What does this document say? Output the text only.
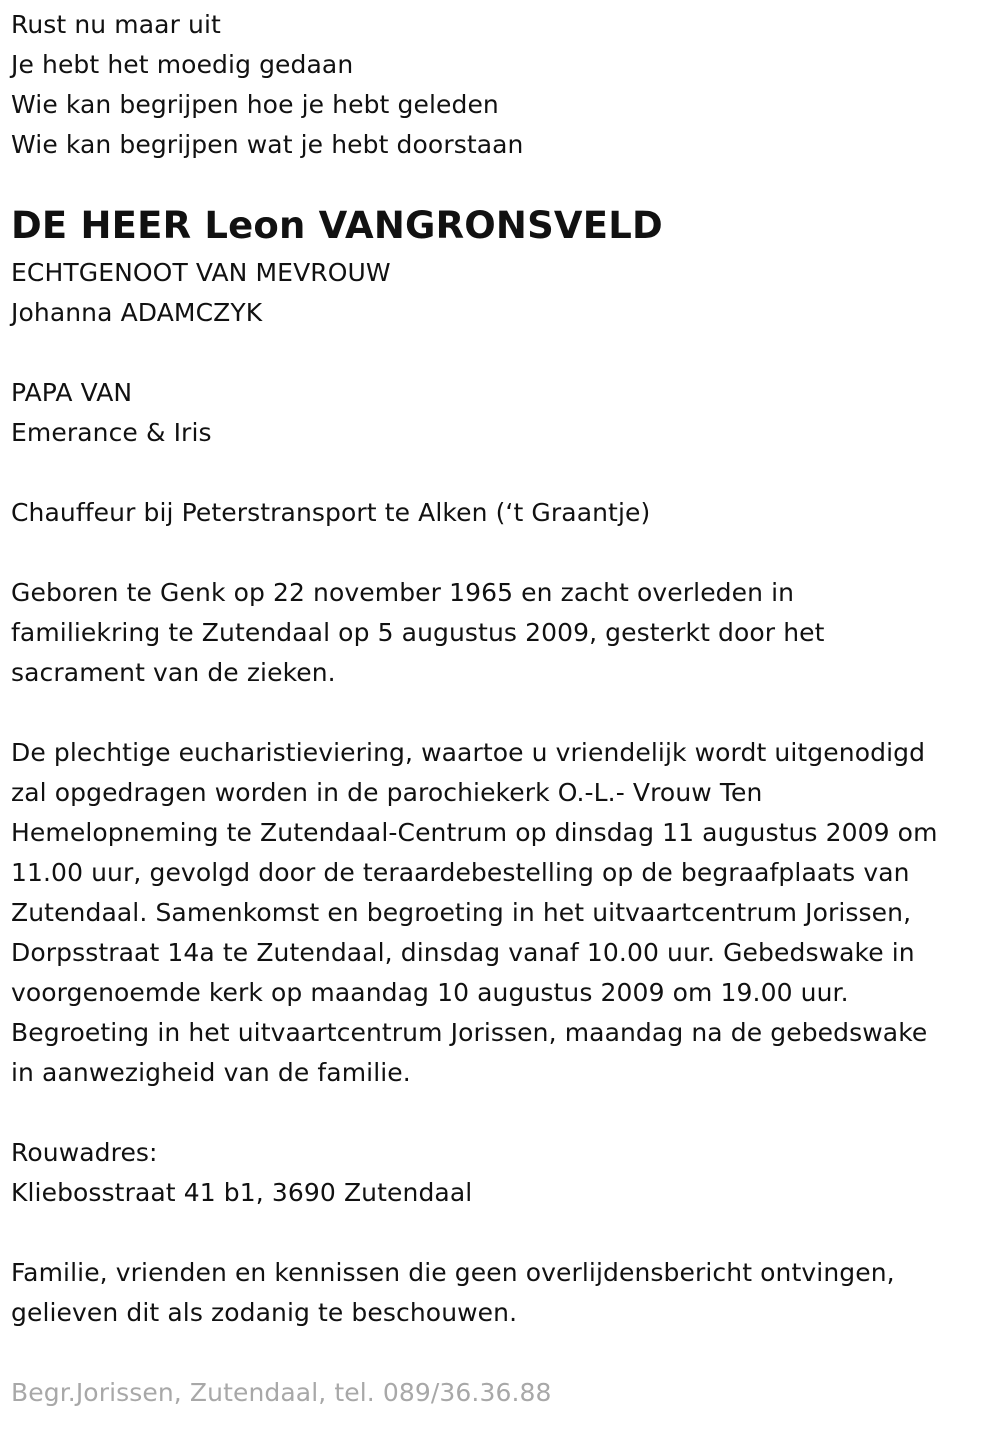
Rust nu maar uit
Je hebt het moedig gedaan
Wie kan begrijpen hoe je hebt geleden
Wie kan begrijpen wat je hebt doorstaan
DE HEER Leon VANGRONSVELD
ECHTGENOOT VAN MEVROUW
Johanna ADAMCZYK
PAPA VAN
Emerance & Iris
Chauffeur bij Peterstransport te Alken (‘t Graantje)
Geboren te Genk op 22 november 1965 en zacht overleden in
familiekring te Zutendaal op 5 augustus 2009, gesterkt door het
sacrament van de zieken.
De plechtige eucharistieviering, waartoe u vriendelijk wordt uitgenodigd
zal opgedragen worden in de parochiekerk O.-L.- Vrouw Ten
Hemelopneming te Zutendaal-Centrum op dinsdag 11 augustus 2009 om
11.00 uur, gevolgd door de teraardebestelling op de begraafplaats van
Zutendaal. Samenkomst en begroeting in het uitvaartcentrum Jorissen,
Dorpsstraat 14a te Zutendaal, dinsdag vanaf 10.00 uur. Gebedswake in
voorgenoemde kerk op maandag 10 augustus 2009 om 19.00 uur.
Begroeting in het uitvaartcentrum Jorissen, maandag na de gebedswake
in aanwezigheid van de familie.
Rouwadres:
Kliebosstraat 41 b1, 3690 Zutendaal
Familie, vrienden en kennissen die geen overlijdensbericht ontvingen,
gelieven dit als zodanig te beschouwen.
Begr.Jorissen, Zutendaal, tel. 089/36.36.88
